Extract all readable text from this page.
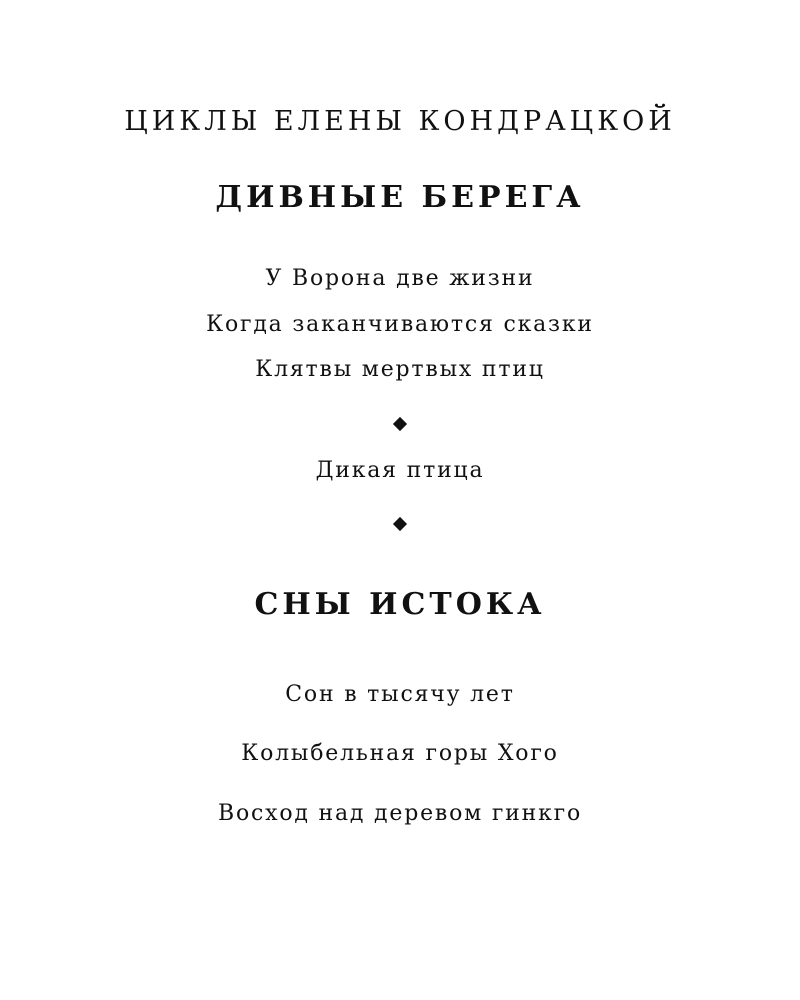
ЦИКЛЫ ЕЛЕНЫ КОНДРАЦКОЙ
ДИВНЫЕ БЕРЕГА
У Ворона две жизни
Когда заканчиваются сказки
Клятвы мертвых птиц
Дикая птица
СНЫ ИСТОКА
Сон в тысячу лет
Колыбельная горы Хого
Восход над деревом гинкго
